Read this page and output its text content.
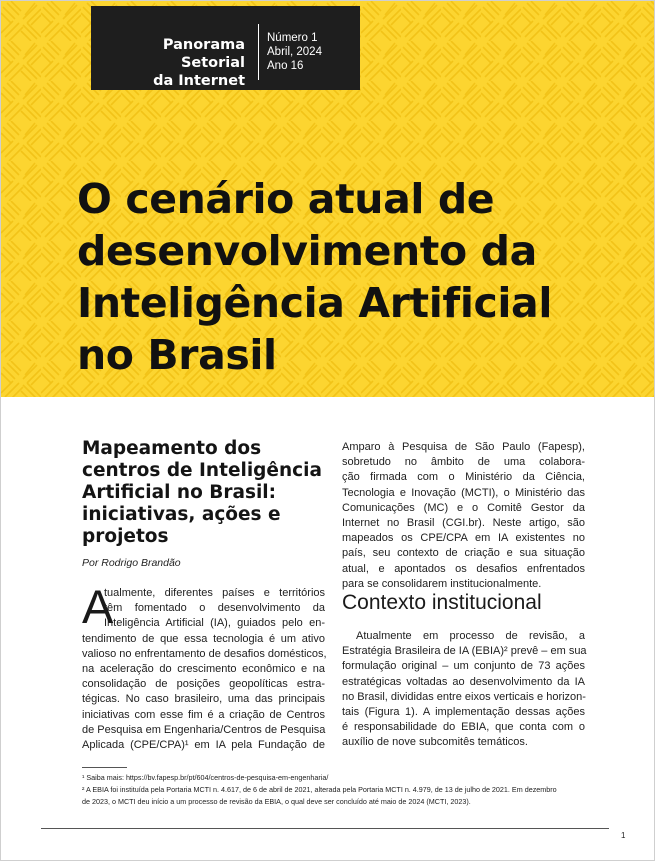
Panorama Setorial
da Internet
Número 1
Abril, 2024
Ano 16
O cenário atual de
desenvolvimento da
Inteligência Artificial
no Brasil
Mapeamento dos
centros de Inteligência
Artificial no Brasil:
iniciativas, ações e
projetos
Por Rodrigo Brandão
A
tualmente, diferentes países e territórios
têm fomentado o desenvolvimento da
Inteligência Artificial (IA), guiados pelo en-
tendimento de que essa tecnologia é um ativo
valioso no enfrentamento de desafios domésticos,
na aceleração do crescimento econômico e na
consolidação de posições geopolíticas estra-
tégicas. No caso brasileiro, uma das principais
iniciativas com esse fim é a criação de Centros
de Pesquisa em Engenharia/Centros de Pesquisa
Aplicada (CPE/CPA)¹ em IA pela Fundação de
Amparo à Pesquisa de São Paulo (Fapesp),
sobretudo no âmbito de uma colabora-
ção firmada com o Ministério da Ciência,
Tecnologia e Inovação (MCTI), o Ministério das
Comunicações (MC) e o Comitê Gestor da
Internet no Brasil (CGI.br). Neste artigo, são
mapeados os CPE/CPA em IA existentes no
país, seu contexto de criação e sua situação
atual, e apontados os desafios enfrentados
para se consolidarem institucionalmente.
Contexto institucional
Atualmente em processo de revisão, a
Estratégia Brasileira de IA (EBIA)² prevê – em sua
formulação original – um conjunto de 73 ações
estratégicas voltadas ao desenvolvimento da IA
no Brasil, divididas entre eixos verticais e horizon-
tais (Figura 1). A implementação dessas ações
é responsabilidade do EBIA, que conta com o
auxílio de nove subcomitês temáticos.
¹ Saiba mais: https://bv.fapesp.br/pt/604/centros-de-pesquisa-em-engenharia/
² A EBIA foi instituída pela Portaria MCTI n. 4.617, de 6 de abril de 2021, alterada pela Portaria MCTI n. 4.979, de 13 de julho de 2021. Em dezembro
de 2023, o MCTI deu início a um processo de revisão da EBIA, o qual deve ser concluído até maio de 2024 (MCTI, 2023).
1
